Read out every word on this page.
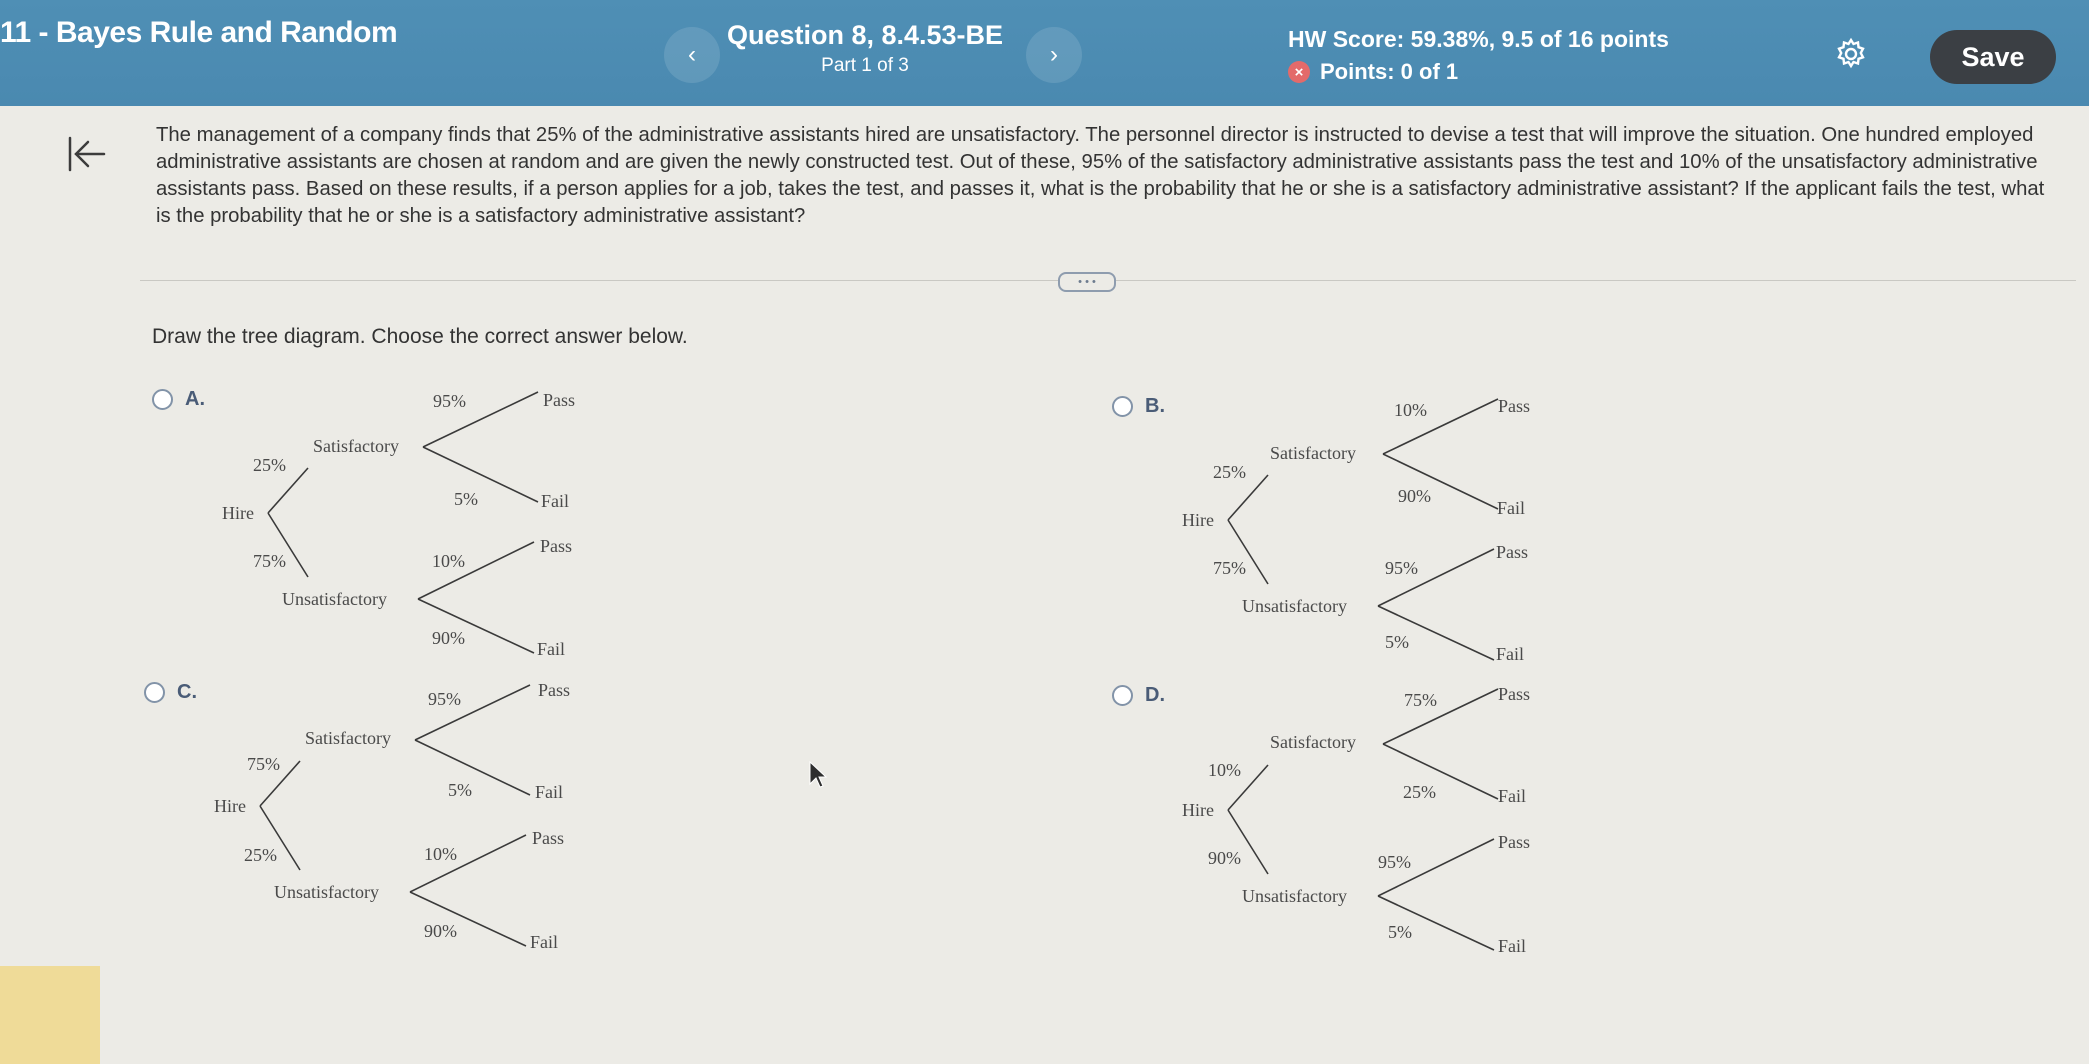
11 - Bayes Rule and Random
‹
Question 8, 8.4.53-BE
Part 1 of 3	›
HW Score: 59.38%, 9.5 of 16 points
× Points: 0 of 1	Save
The management of a company finds that 25% of the administrative assistants hired are unsatisfactory. The personnel director is instructed to devise a test that will improve the situation. One hundred employed administrative assistants are chosen at random and are given the newly constructed test. Out of these, 95% of the satisfactory administrative assistants pass the test and 10% of the unsatisfactory administrative assistants pass. Based on these results, if a person applies for a job, takes the test, and passes it, what is the probability that he or she is a satisfactory administrative assistant? If the applicant fails the test, what is the probability that he or she is a satisfactory administrative assistant?
• • •
Draw the tree diagram. Choose the correct answer below.
A.
Hire
25%
75%
Satisfactory
Unsatisfactory
95%
5%
10%
90%
Pass
Fail
Pass
Fail
B.
Hire
25%
75%
Satisfactory
Unsatisfactory
10%
90%
95%
5%
Pass
Fail
Pass
Fail
C.
Hire
75%
25%
Satisfactory
Unsatisfactory
95%
5%
10%
90%
Pass
Fail
Pass
Fail
D.
Hire
10%
90%
Satisfactory
Unsatisfactory
75%
25%
95%
5%
Pass
Fail
Pass
Fail
